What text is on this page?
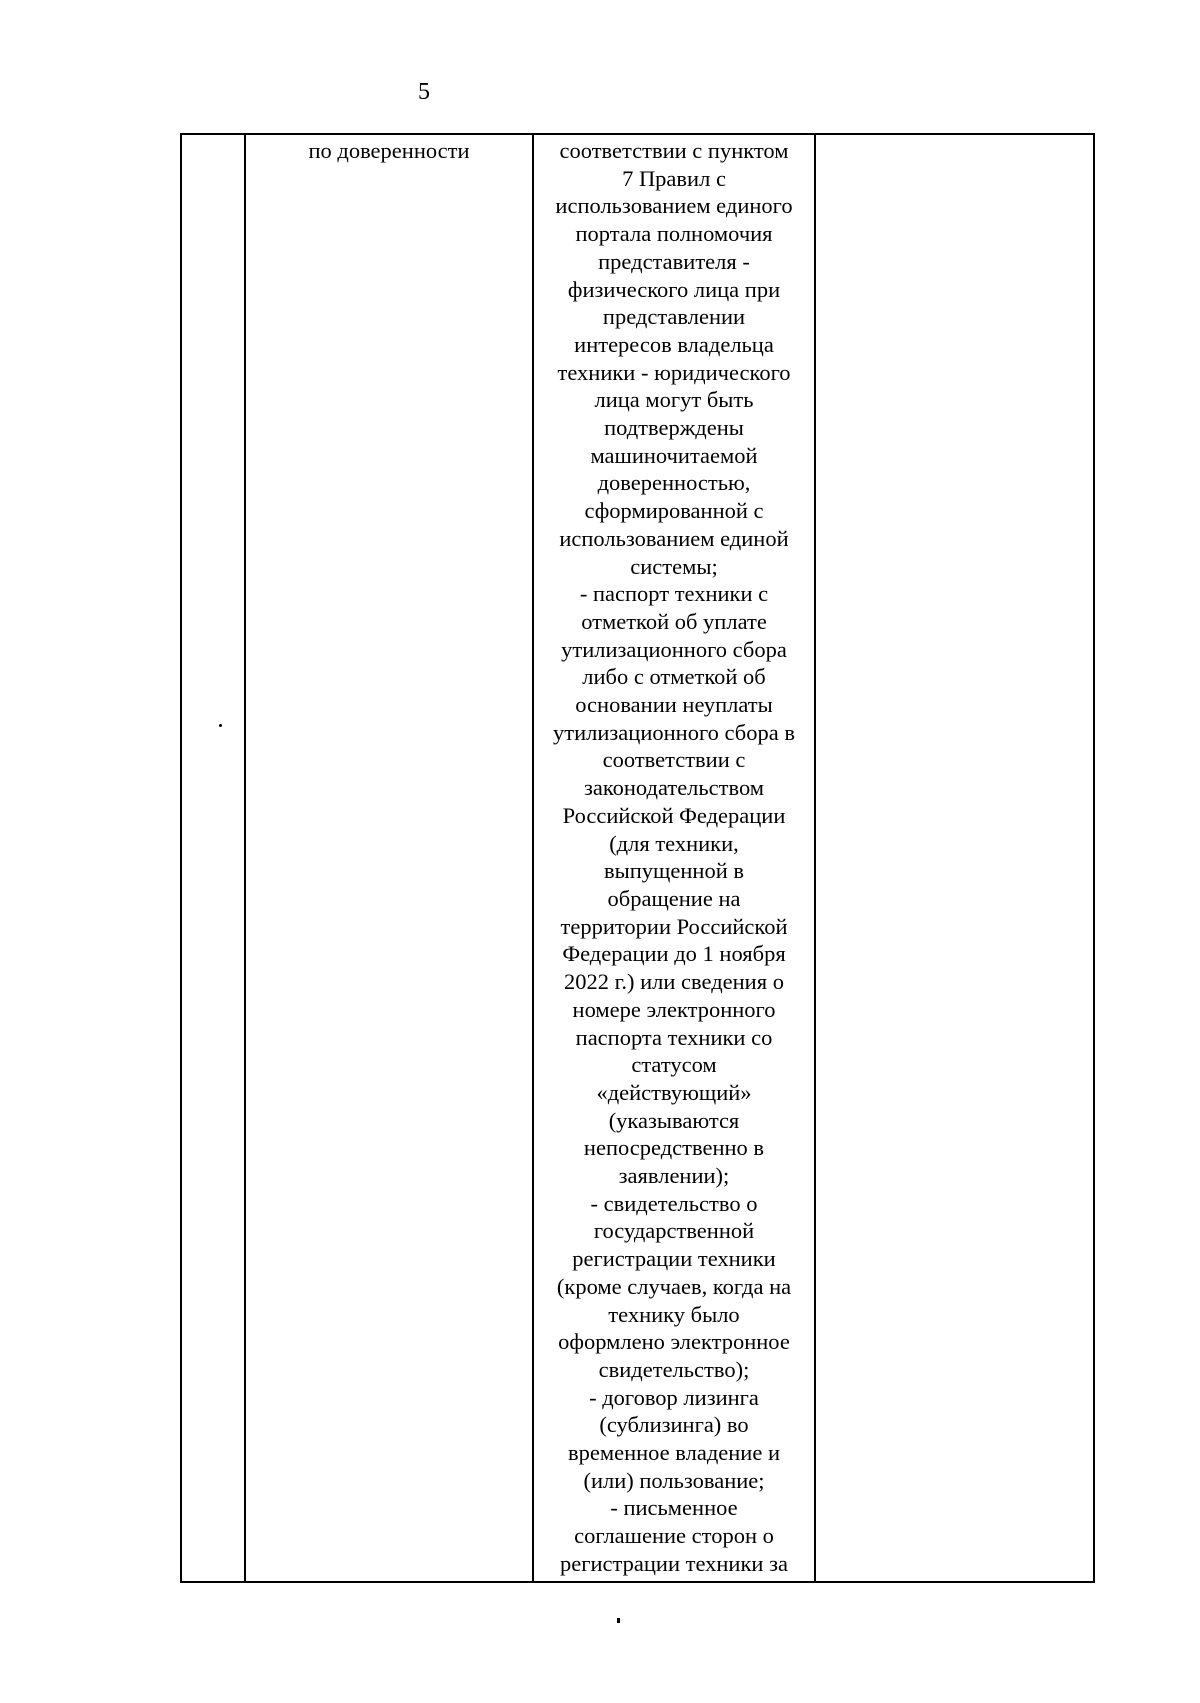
5

по доверенности	соответствии с пунктом
7 Правил с
использованием единого
портала полномочия
представителя -
физического лица при
представлении
интересов владельца
техники - юридического
лица могут быть
подтверждены
машиночитаемой
доверенностью,
сформированной с
использованием единой
системы;
- паспорт техники с
отметкой об уплате
утилизационного сбора
либо с отметкой об
основании неуплаты
утилизационного сбора в
соответствии с
законодательством
Российской Федерации
(для техники,
выпущенной в
обращение на
территории Российской
Федерации до 1 ноября
2022 г.) или сведения о
номере электронного
паспорта техники со
статусом
«действующий»
(указываются
непосредственно в
заявлении);
- свидетельство о
государственной
регистрации техники
(кроме случаев, когда на
технику было
оформлено электронное
свидетельство);
- договор лизинга
(сублизинга) во
временное владение и
(или) пользование;
- письменное
соглашение сторон о
регистрации техники за
